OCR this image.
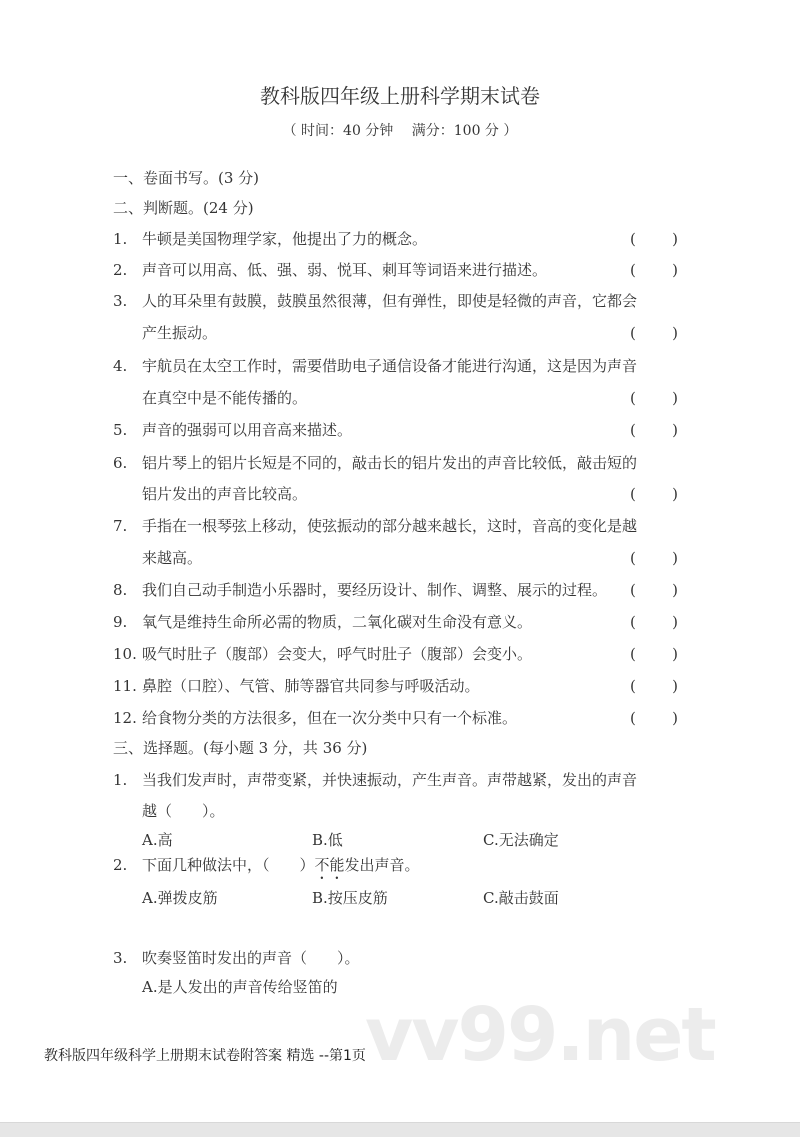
教科版四年级上册科学期末试卷
（ 时间：40 分钟　 满分：100 分 ）
一、卷面书写。(3 分)
二、判断题。(24 分)
1. 牛顿是美国物理学家，他提出了力的概念。	( )
2. 声音可以用高、低、强、弱、悦耳、刺耳等词语来进行描述。	( )
3. 人的耳朵里有鼓膜，鼓膜虽然很薄，但有弹性，即使是轻微的声音，它都会
产生振动。	( )
4. 宇航员在太空工作时，需要借助电子通信设备才能进行沟通，这是因为声音
在真空中是不能传播的。	( )
5. 声音的强弱可以用音高来描述。	( )
6. 铝片琴上的铝片长短是不同的，敲击长的铝片发出的声音比较低，敲击短的
铝片发出的声音比较高。	( )
7. 手指在一根琴弦上移动，使弦振动的部分越来越长，这时，音高的变化是越
来越高。	( )
8. 我们自己动手制造小乐器时，要经历设计、制作、调整、展示的过程。 ( )
9. 氧气是维持生命所必需的物质，二氧化碳对生命没有意义。	( )
10. 吸气时肚子（腹部）会变大，呼气时肚子（腹部）会变小。	( )
11. 鼻腔（口腔）、气管、肺等器官共同参与呼吸活动。	( )
12. 给食物分类的方法很多，但在一次分类中只有一个标准。	( )
三、选择题。(每小题 3 分，共 36 分)
1. 当我们发声时，声带变紧，并快速振动，产生声音。声带越紧，发出的声音
越（　　）。
A.高	B.低	C.无法确定
2. 下面几种做法中，（　　）不能发出声音。
A.弹拨皮筋	B.按压皮筋	C.敲击鼓面
3. 吹奏竖笛时发出的声音（　　）。
A.是人发出的声音传给竖笛的
vv99.net
教科版四年级科学上册期末试卷附答案 精选 --第1页
